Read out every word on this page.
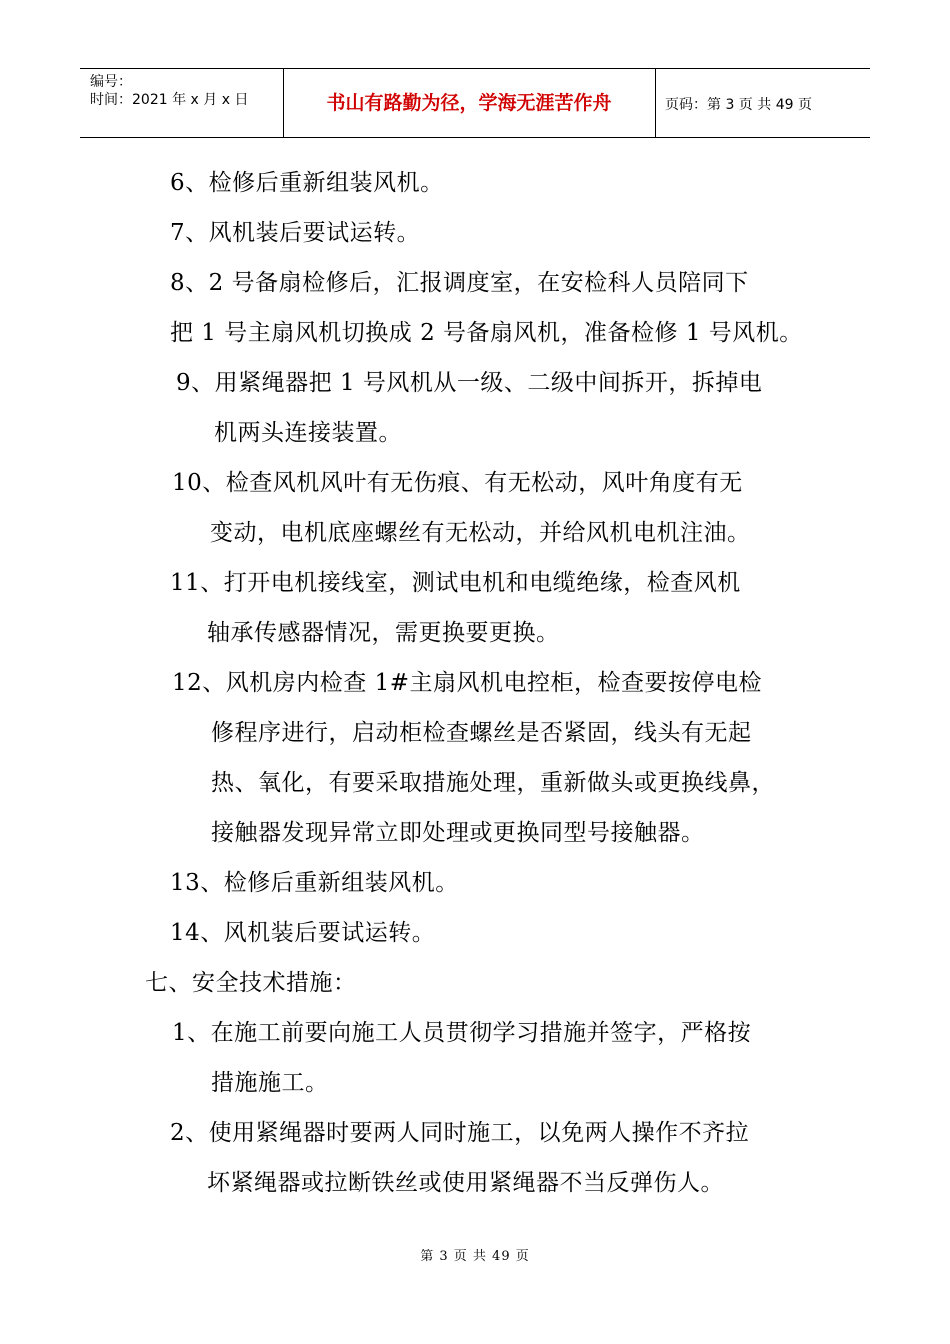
编号：
时间：2021 年 x 月 x 日	书山有路勤为径，学海无涯苦作舟	页码：第 3 页 共 49 页
6、检修后重新组装风机。
7、风机装后要试运转。
8、2 号备扇检修后，汇报调度室，在安检科人员陪同下
把 1 号主扇风机切换成 2 号备扇风机，准备检修 1 号风机。
9、用紧绳器把 1 号风机从一级、二级中间拆开，拆掉电
机两头连接装置。
10、检查风机风叶有无伤痕、有无松动，风叶角度有无
变动，电机底座螺丝有无松动，并给风机电机注油。
11、打开电机接线室，测试电机和电缆绝缘，检查风机
轴承传感器情况，需更换要更换。
12、风机房内检查 1#主扇风机电控柜，检查要按停电检
修程序进行，启动柜检查螺丝是否紧固，线头有无起
热、氧化，有要采取措施处理，重新做头或更换线鼻，
接触器发现异常立即处理或更换同型号接触器。
13、检修后重新组装风机。
14、风机装后要试运转。
七、安全技术措施：
1、在施工前要向施工人员贯彻学习措施并签字，严格按
措施施工。
2、使用紧绳器时要两人同时施工，以免两人操作不齐拉
坏紧绳器或拉断铁丝或使用紧绳器不当反弹伤人。
第 3 页 共 49 页
